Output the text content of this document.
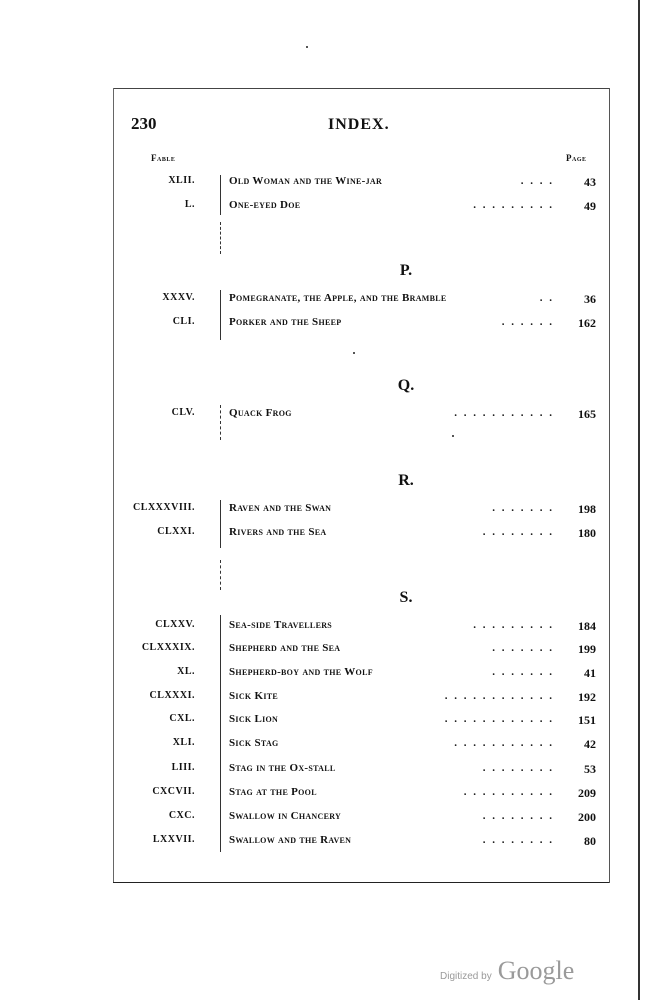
230	INDEX.
Fable	Page
P.
Q.
R.
S.
XLII.	Old Woman and the Wine-jar	. . . .	43
L.	One-eyed Doe	. . . . . . . . .	49
XXXV.	Pomegranate, the Apple, and the Bramble	. .	36
CLI.	Porker and the Sheep	. . . . . .	162
CLV.	Quack Frog	. . . . . . . . . . .	165
CLXXXVIII.	Raven and the Swan	. . . . . . .	198
CLXXI.	Rivers and the Sea	. . . . . . . .	180
CLXXV.	Sea-side Travellers	. . . . . . . . .	184
CLXXXIX.	Shepherd and the Sea	. . . . . . .	199
XL.	Shepherd-boy and the Wolf	. . . . . . .	41
CLXXXI.	Sick Kite	. . . . . . . . . . . .	192
CXL.	Sick Lion	. . . . . . . . . . . .	151
XLI.	Sick Stag	. . . . . . . . . . .	42
LIII.	Stag in the Ox-stall	. . . . . . . .	53
CXCVII.	Stag at the Pool	. . . . . . . . . .	209
CXC.	Swallow in Chancery	. . . . . . . .	200
LXXVII.	Swallow and the Raven	. . . . . . . .	80
Digitized by Google
